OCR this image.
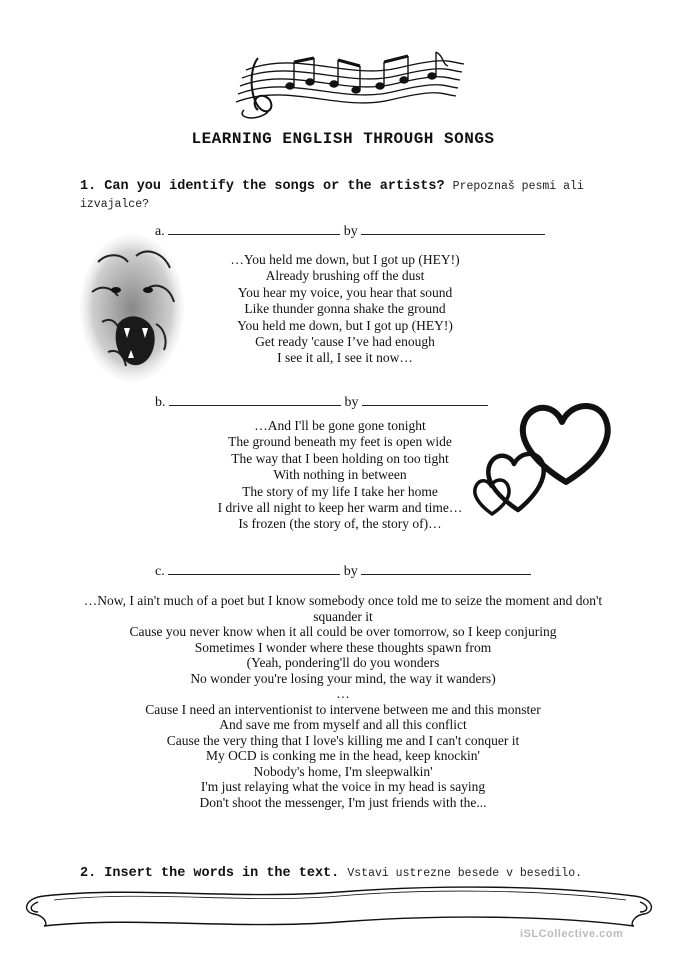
LEARNING ENGLISH THROUGH SONGS
1. Can you identify the songs or the artists? Prepoznaš pesmi ali izvajalce?
a.	by
…You held me down, but I got up (HEY!)
Already brushing off the dust
You hear my voice, you hear that sound
Like thunder gonna shake the ground
You held me down, but I got up (HEY!)
Get ready 'cause I’ve had enough
I see it all, I see it now…
b.	by
…And I'll be gone gone tonight
The ground beneath my feet is open wide
The way that I been holding on too tight
With nothing in between
The story of my life I take her home
I drive all night to keep her warm and time…
Is frozen (the story of, the story of)…
c.	by
…Now, I ain't much of a poet but I know somebody once told me to seize the moment and don't
squander it
Cause you never know when it all could be over tomorrow, so I keep conjuring
Sometimes I wonder where these thoughts spawn from
(Yeah, pondering'll do you wonders
No wonder you're losing your mind, the way it wanders)
…
Cause I need an interventionist to intervene between me and this monster
And save me from myself and all this conflict
Cause the very thing that I love's killing me and I can't conquer it
My OCD is conking me in the head, keep knockin'
Nobody's home, I'm sleepwalkin'
I'm just relaying what the voice in my head is saying
Don't shoot the messenger, I'm just friends with the...
2. Insert the words in the text. Vstavi ustrezne besede v besedilo.
iSLCollective.com
